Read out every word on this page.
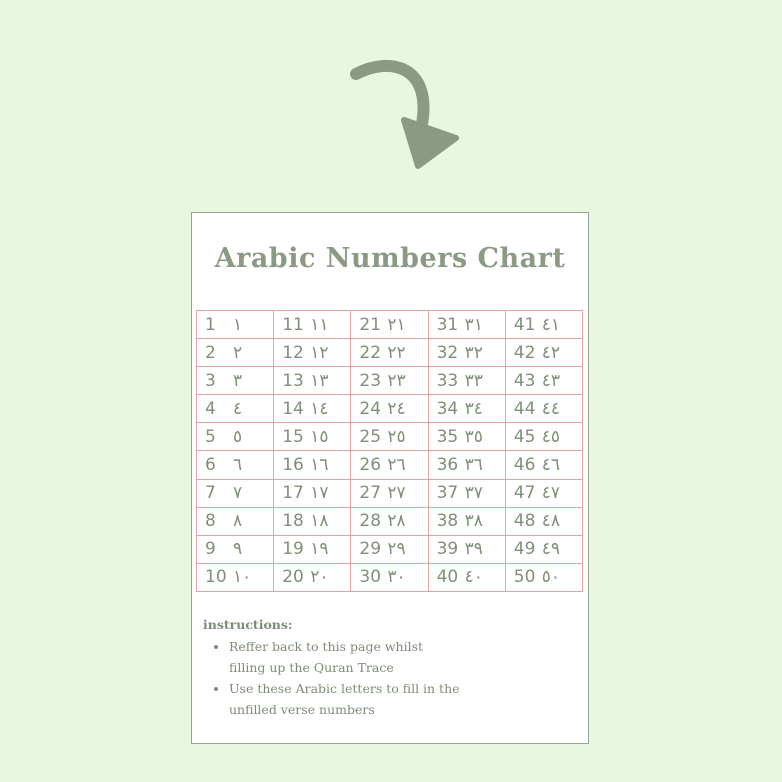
Arabic Numbers Chart
1 ١	11 ١١	21 ٢١	31 ٣١	41 ٤١
2 ٢	12 ١٢	22 ٢٢	32 ٣٢	42 ٤٢
3 ٣	13 ١٣	23 ٢٣	33 ٣٣	43 ٤٣
4 ٤	14 ١٤	24 ٢٤	34 ٣٤	44 ٤٤
5 ٥	15 ١٥	25 ٢٥	35 ٣٥	45 ٤٥
6 ٦	16 ١٦	26 ٢٦	36 ٣٦	46 ٤٦
7 ٧	17 ١٧	27 ٢٧	37 ٣٧	47 ٤٧
8 ٨	18 ١٨	28 ٢٨	38 ٣٨	48 ٤٨
9 ٩	19 ١٩	29 ٢٩	39 ٣٩	49 ٤٩
10 ١٠	20 ٢٠	30 ٣٠	40 ٤٠	50 ٥٠

instructions:

• Reffer back to this page whilst filling up the Quran Trace
• Use these Arabic letters to fill in the unfilled verse numbers
